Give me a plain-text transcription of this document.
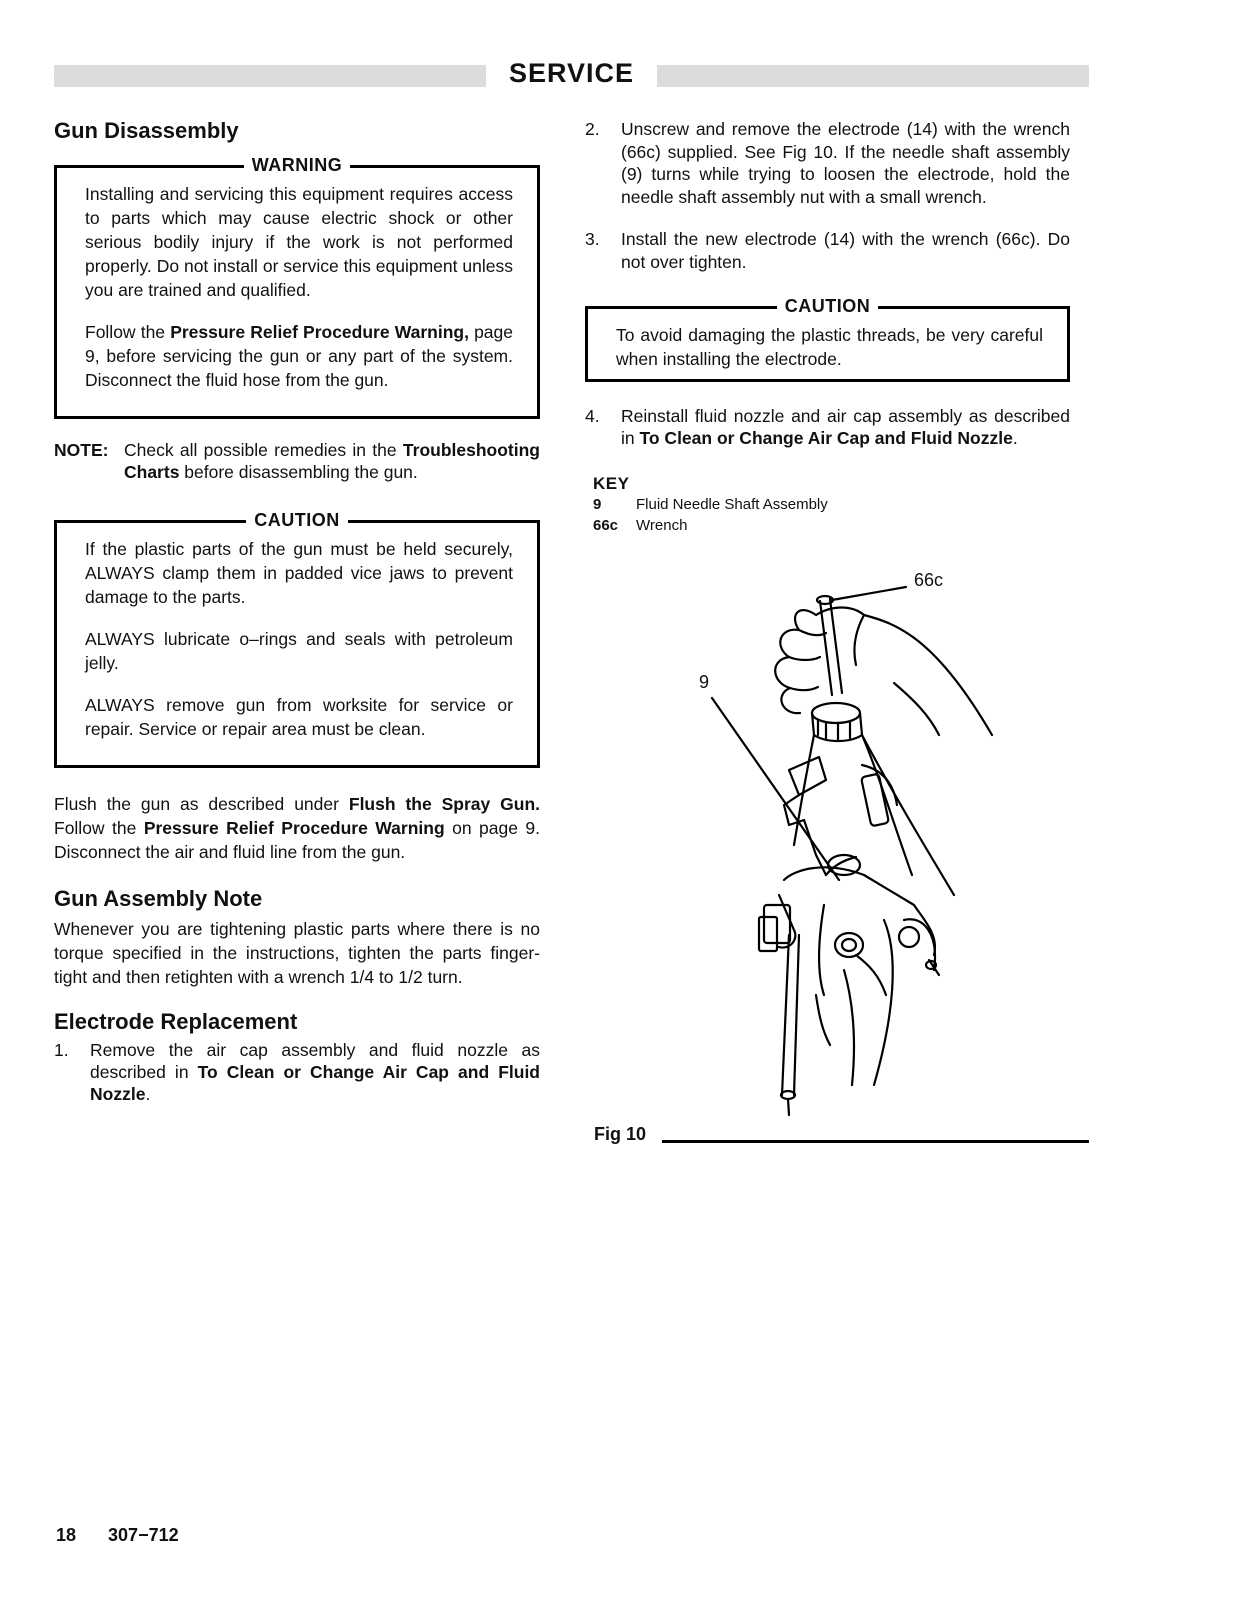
SERVICE
Gun Disassembly
WARNING

Installing and servicing this equipment requires access to parts which may cause electric shock or other serious bodily injury if the work is not performed properly. Do not install or service this equipment unless you are trained and qualified.

Follow the Pressure Relief Procedure Warning, page 9, before servicing the gun or any part of the system. Disconnect the fluid hose from the gun.

NOTE: Check all possible remedies in the Troubleshooting Charts before disassembling the gun.
CAUTION

If the plastic parts of the gun must be held securely, ALWAYS clamp them in padded vice jaws to prevent damage to the parts.

ALWAYS lubricate o–rings and seals with petroleum jelly.

ALWAYS remove gun from worksite for service or repair. Service or repair area must be clean.

Flush the gun as described under Flush the Spray Gun. Follow the Pressure Relief Procedure Warning on page 9. Disconnect the air and fluid line from the gun.

Gun Assembly Note

Whenever you are tightening plastic parts where there is no torque specified in the instructions, tighten the parts finger-tight and then retighten with a wrench 1/4 to 1/2 turn.

Electrode Replacement
1.	Remove the air cap assembly and fluid nozzle as described in To Clean or Change Air Cap and Fluid Nozzle.
2.	Unscrew and remove the electrode (14) with the wrench (66c) supplied. See Fig 10. If the needle shaft assembly (9) turns while trying to loosen the electrode, hold the needle shaft assembly nut with a small wrench.
3.	Install the new electrode (14) with the wrench (66c). Do not over tighten.
CAUTION
To avoid damaging the plastic threads, be very careful when installing the electrode.
4.	Reinstall fluid nozzle and air cap assembly as described in To Clean or Change Air Cap and Fluid Nozzle.
KEY
9	Fluid Needle Shaft Assembly
66c	Wrench
66c
9
Fig 10
18 307−712
